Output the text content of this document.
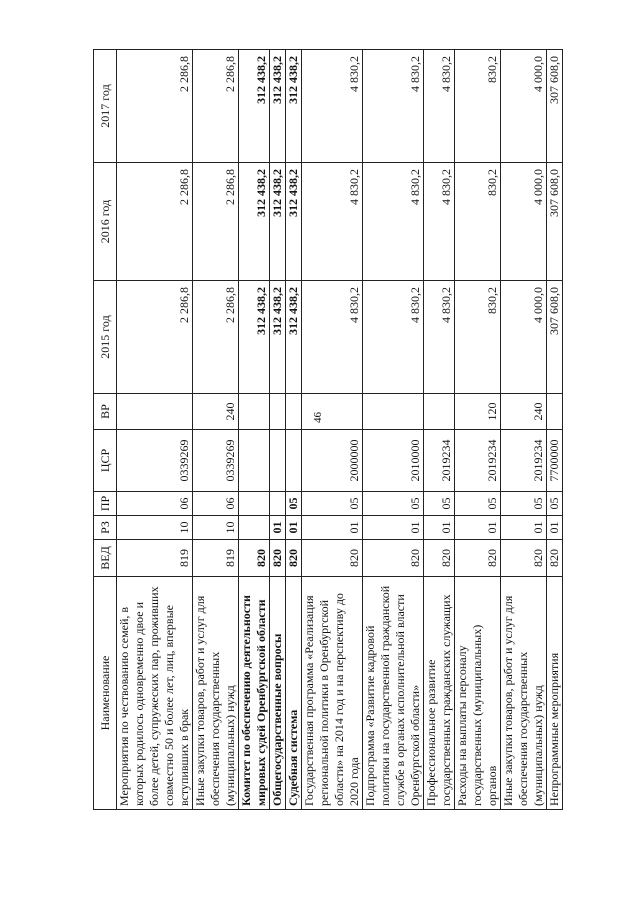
46
Наименование	ВЕД	РЗ	ПР	ЦСР	ВР	2015 год	2016 год	2017 год

Мероприятия по чествованию семей, в которых родилось одновременно двое и более детей, супружеских пар, проживших совместно 50 и более лет, лиц, впервые вступивших в брак	819	10	06	0339269		2 286,8	2 286,8	2 286,8

Иные закупки товаров, работ и услуг для обеспечения государственных (муниципальных) нужд	819	10	06	0339269	240	2 286,8	2 286,8	2 286,8

Комитет по обеспечению деятельности мировых судей Оренбургской области	820					312 438,2	312 438,2	312 438,2

Общегосударственные вопросы	820	01				312 438,2	312 438,2	312 438,2

Судебная система	820	01	05			312 438,2	312 438,2	312 438,2

Государственная программа «Реализация региональной политики в Оренбургской области» на 2014 год и на перспективу до 2020 года	820	01	05	2000000		4 830,2	4 830,2	4 830,2

Подпрограмма «Развитие кадровой политики на государственной гражданской службе в органах исполнительной власти Оренбургской области»	820	01	05	2010000		4 830,2	4 830,2	4 830,2

Профессиональное развитие государственных гражданских служащих	820	01	05	2019234		4 830,2	4 830,2	4 830,2

Расходы на выплаты персоналу государственных (муниципальных) органов	820	01	05	2019234	120	830,2	830,2	830,2

Иные закупки товаров, работ и услуг для обеспечения государственных (муниципальных) нужд	820	01	05	2019234	240	4 000,0	4 000,0	4 000,0

Непрограммные мероприятия	820	01	05	7700000		307 608,0	307 608,0	307 608,0
